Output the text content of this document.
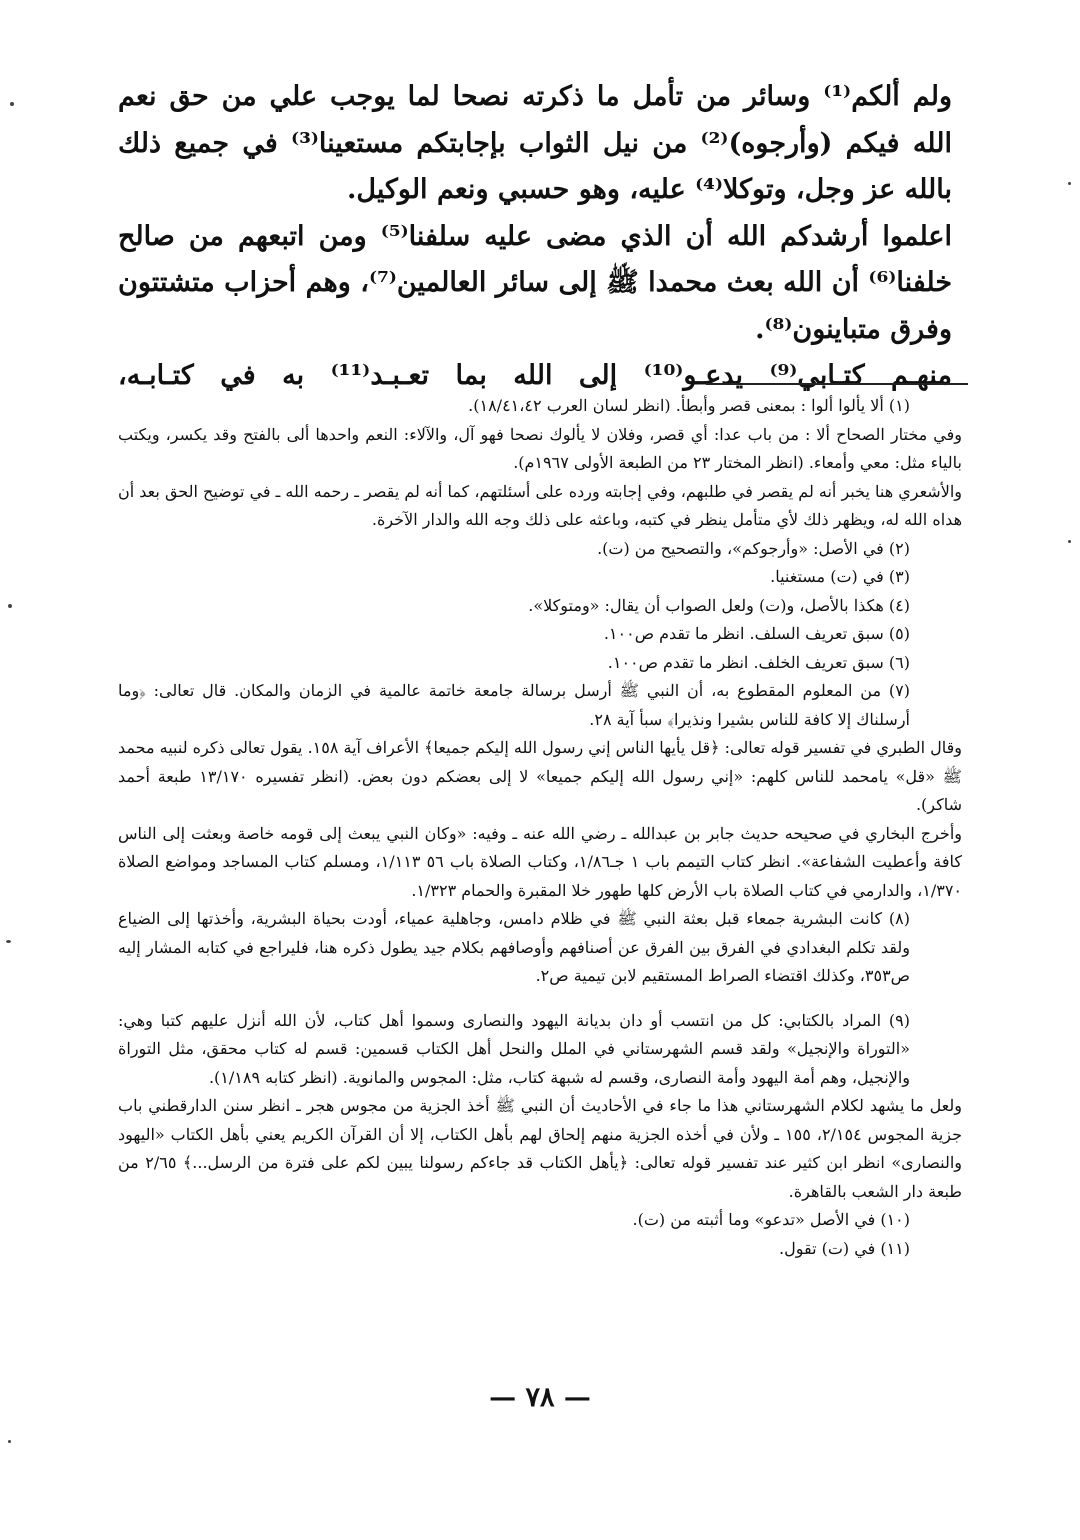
ولم ألكم⁽¹⁾ وسائر من تأمل ما ذكرته نصحا لما يوجب علي من حق نعم الله فيكم (وأرجوه)⁽²⁾ من نيل الثواب بإجابتكم مستعينا⁽³⁾ في جميع ذلك بالله عز وجل، وتوكلا⁽⁴⁾ عليه، وهو حسبي ونعم الوكيل.

اعلموا أرشدكم الله أن الذي مضى عليه سلفنا⁽⁵⁾ ومن اتبعهم من صالح خلفنا⁽⁶⁾ أن الله بعث محمدا ﷺ إلى سائر العالمين⁽⁷⁾، وهم أحزاب متشتتون وفرق متباينون⁽⁸⁾.

منهـم كتـابي⁽⁹⁾ يدعـو⁽¹⁰⁾ إلى الله بما تعـبـد⁽¹¹⁾ به في كتـابـه،

(١) ألا يألوا ألوا : بمعنى قصر وأبطأ. (انظر لسان العرب ١٨/٤١،٤٢).

وفي مختار الصحاح ألا : من باب عدا: أي قصر، وفلان لا يألوك نصحا فهو آل، والآلاء: النعم واحدها ألى بالفتح وقد يكسر، ويكتب بالياء مثل: معي وأمعاء. (انظر المختار ٢٣ من الطبعة الأولى ١٩٦٧م).

والأشعري هنا يخبر أنه لم يقصر في طلبهم، وفي إجابته ورده على أسئلتهم، كما أنه لم يقصر ـ رحمه الله ـ في توضيح الحق بعد أن هداه الله له، ويظهر ذلك لأي متأمل ينظر في كتبه، وباعثه على ذلك وجه الله والدار الآخرة.

(٢) في الأصل: «وأرجوكم»، والتصحيح من (ت).

(٣) في (ت) مستغنيا.

(٤) هكذا بالأصل، و(ت) ولعل الصواب أن يقال: «ومتوكلا».

(٥) سبق تعريف السلف. انظر ما تقدم ص١٠٠.

(٦) سبق تعريف الخلف. انظر ما تقدم ص١٠٠.

(٧) من المعلوم المقطوع به، أن النبي ﷺ أرسل برسالة جامعة خاتمة عالمية في الزمان والمكان. قال تعالى: ﴿وما أرسلناك إلا كافة للناس بشيرا ونذيرا﴾ سبأ آية ٢٨.

وقال الطبري في تفسير قوله تعالى: ﴿قل يأيها الناس إني رسول الله إليكم جميعا﴾ الأعراف آية ١٥٨. يقول تعالى ذكره لنبيه محمد ﷺ «قل» يامحمد للناس كلهم: «إني رسول الله إليكم جميعا» لا إلى بعضكم دون بعض. (انظر تفسيره ١٣/١٧٠ طبعة أحمد شاكر).

وأخرج البخاري في صحيحه حديث جابر بن عبدالله ـ رضي الله عنه ـ وفيه: «وكان النبي يبعث إلى قومه خاصة وبعثت إلى الناس كافة وأعطيت الشفاعة». انظر كتاب التيمم باب ١ جـ١/٨٦، وكتاب الصلاة باب ٥٦ ١/١١٣، ومسلم كتاب المساجد ومواضع الصلاة ١/٣٧٠، والدارمي في كتاب الصلاة باب الأرض كلها طهور خلا المقبرة والحمام ١/٣٢٣.

(٨) كانت البشرية جمعاء قبل بعثة النبي ﷺ في ظلام دامس، وجاهلية عمياء، أودت بحياة البشرية، وأخذتها إلى الضياع ولقد تكلم البغدادي في الفرق بين الفرق عن أصنافهم وأوصافهم بكلام جيد يطول ذكره هنا، فليراجع في كتابه المشار إليه ص٣٥٣، وكذلك اقتضاء الصراط المستقيم لابن تيمية ص٢.

(٩) المراد بالكتابي: كل من انتسب أو دان بديانة اليهود والنصارى وسموا أهل كتاب، لأن الله أنزل عليهم كتبا وهي: «التوراة والإنجيل» ولقد قسم الشهرستاني في الملل والنحل أهل الكتاب قسمين: قسم له كتاب محقق، مثل التوراة والإنجيل، وهم أمة اليهود وأمة النصارى، وقسم له شبهة كتاب، مثل: المجوس والمانوية. (انظر كتابه ١/١٨٩).

ولعل ما يشهد لكلام الشهرستاني هذا ما جاء في الأحاديث أن النبي ﷺ أخذ الجزية من مجوس هجر ـ انظر سنن الدارقطني باب جزية المجوس ٢/١٥٤، ١٥٥ ـ ولأن في أخذه الجزية منهم إلحاق لهم بأهل الكتاب، إلا أن القرآن الكريم يعني بأهل الكتاب «اليهود والنصارى» انظر ابن كثير عند تفسير قوله تعالى: ﴿يأهل الكتاب قد جاءكم رسولنا يبين لكم على فترة من الرسل...﴾ ٢/٦٥ من طبعة دار الشعب بالقاهرة.

(١٠) في الأصل «تدعو» وما أثبته من (ت).

(١١) في (ت) تقول.

— ٧٨ —
